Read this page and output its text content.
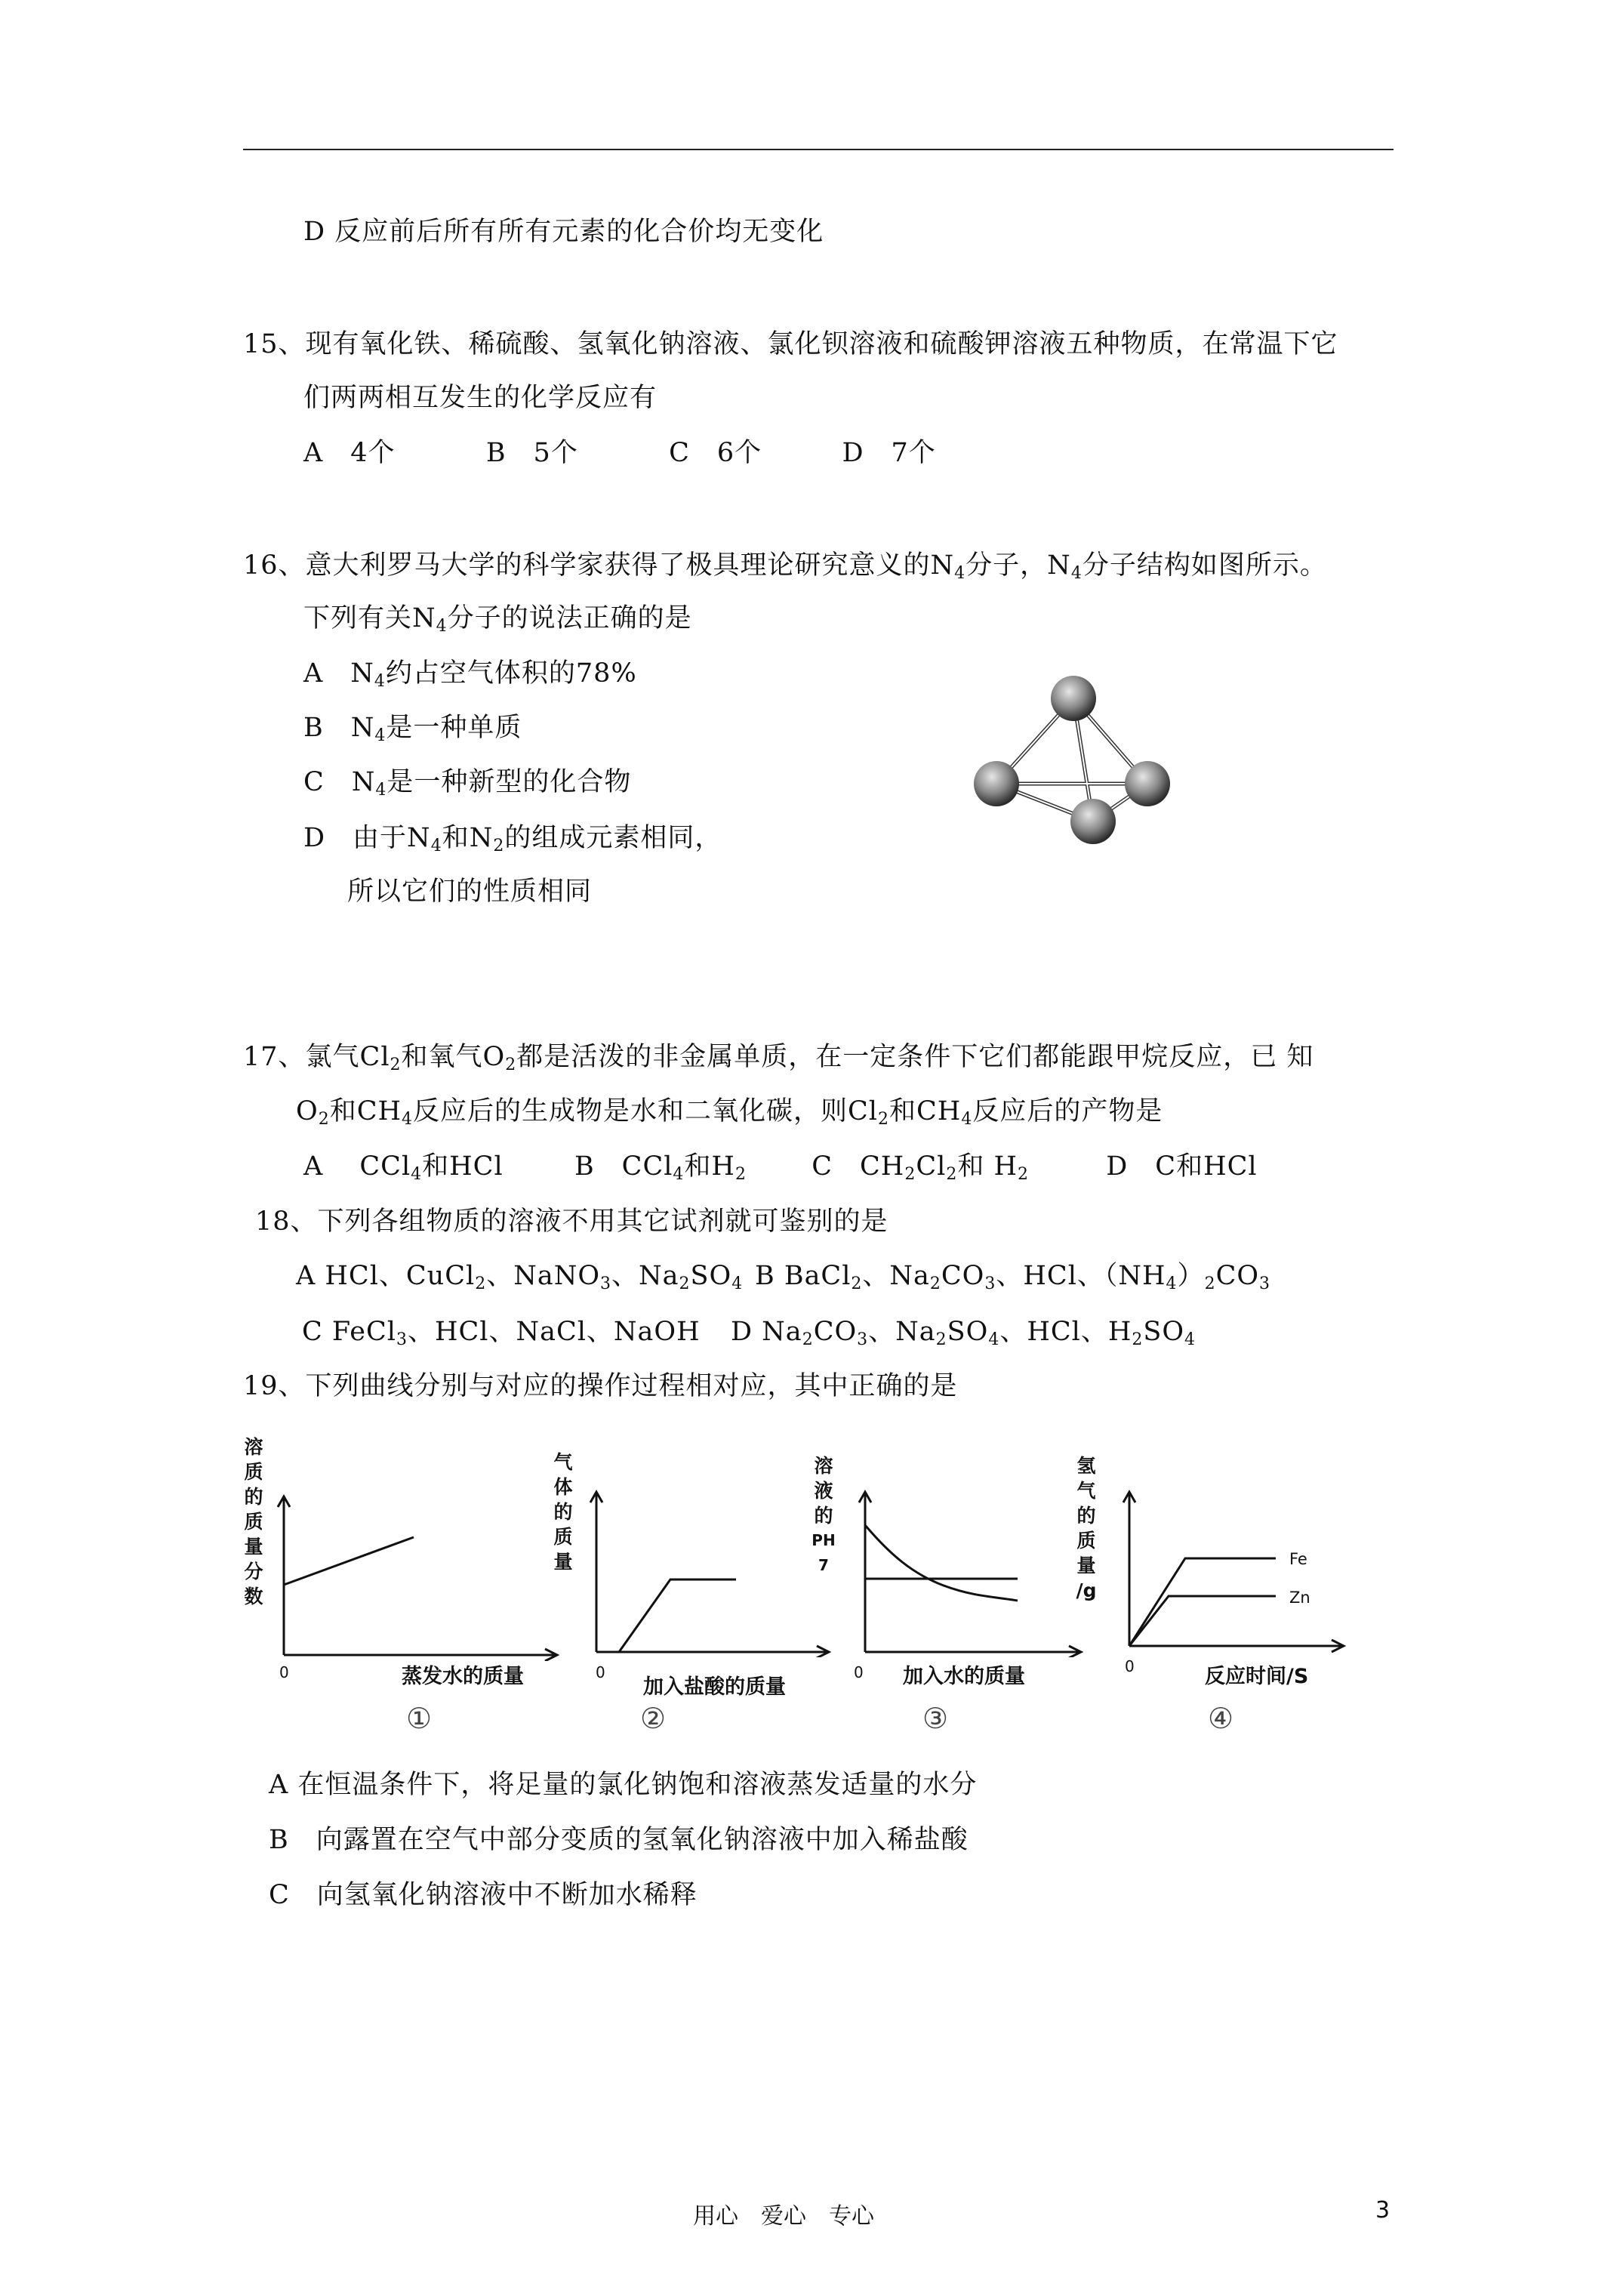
D 反应前后所有所有元素的化合价均无变化
15、现有氧化铁、稀硫酸、氢氧化钠溶液、氯化钡溶液和硫酸钾溶液五种物质，在常温下它
们两两相互发生的化学反应有
A　4个	B　5个	C　6个	D　7个
16、意大利罗马大学的科学家获得了极具理论研究意义的$N_4$分子，$N_4$分子结构如图所示。
下列有关$N_4$分子的说法正确的是
A　$N_4$约占空气体积的78%
B　$N_4$是一种单质
C　$N_4$是一种新型的化合物
D　由于$N_4$和$N_2$的组成元素相同，
所以它们的性质相同
17、氯气$Cl_2$和氧气$O_2$都是活泼的非金属单质，在一定条件下它们都能跟甲烷反应，已 知
$O_2$和$CH_4$反应后的生成物是水和二氧化碳，则$Cl_2$和$CH_4$反应后的产物是
A　 CCl$_4$和HCl	B　CCl$_4$和$H_2$ C　$CH_2Cl_2$和 $H_2$	D　C和HCl
18、下列各组物质的溶液不用其它试剂就可鉴别的是
A HCl、CuCl$_2$、NaNO$_3$、$Na_2SO_4$ B BaCl$_2$、$Na_2CO_3$、HCl、$(NH_4)_2CO_3$
C FeCl$_3$、HCl、NaCl、NaOH D $Na_2CO_3$、$Na_2SO_4$、HCl、$H_2SO_4$
19、下列曲线分别与对应的操作过程相对应，其中正确的是
溶
质
的
质
量
分
数
0	蒸发水的质量
①
气
体
的
质
量
0
加入盐酸的质量
②
溶
液
的
PH
7
0 加入水的质量
③
氢
气
的
质
量
/g
Fe
Zn
0	反应时间/S
④
A 在恒温条件下，将足量的氯化钠饱和溶液蒸发适量的水分
B　向露置在空气中部分变质的氢氧化钠溶液中加入稀盐酸
C　向氢氧化钠溶液中不断加水稀释
用心　爱心　专心	3
